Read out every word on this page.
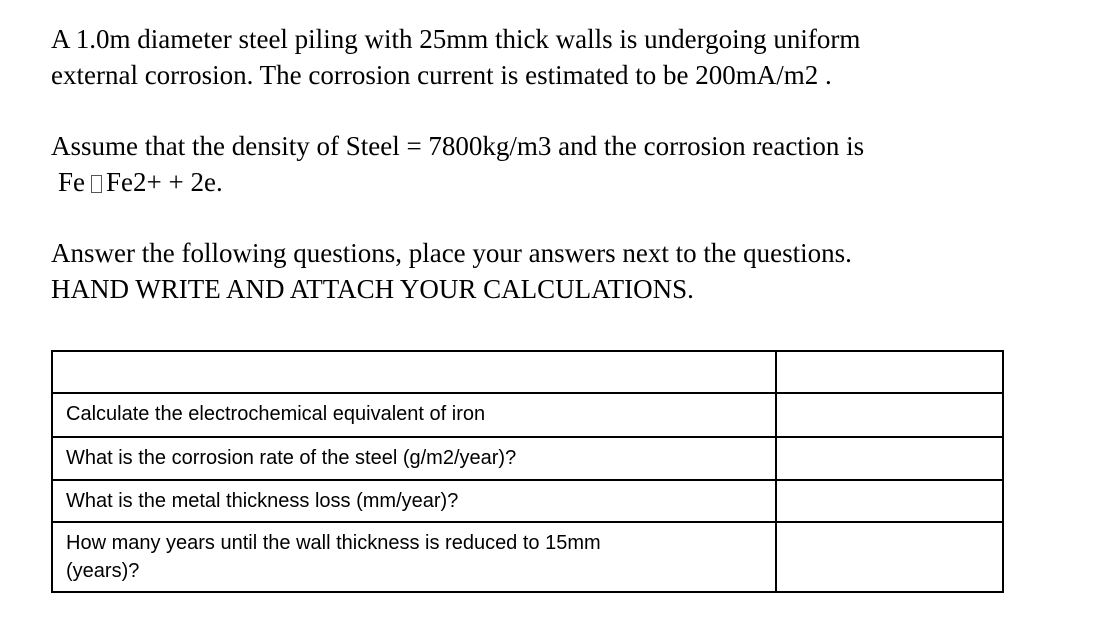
A 1.0m diameter steel piling with 25mm thick walls is undergoing uniform
external corrosion. The corrosion current is estimated to be 200mA/m2 .
Assume that the density of Steel = 7800kg/m3 and the corrosion reaction is
Fe Fe2+ + 2e.
Answer the following questions, place your answers next to the questions.
HAND WRITE AND ATTACH YOUR CALCULATIONS.

Calculate the electrochemical equivalent of iron	
What is the corrosion rate of the steel (g/m2/year)?	
What is the metal thickness loss (mm/year)?	

How many years until the wall thickness is reduced to 15mm
(years)?	
